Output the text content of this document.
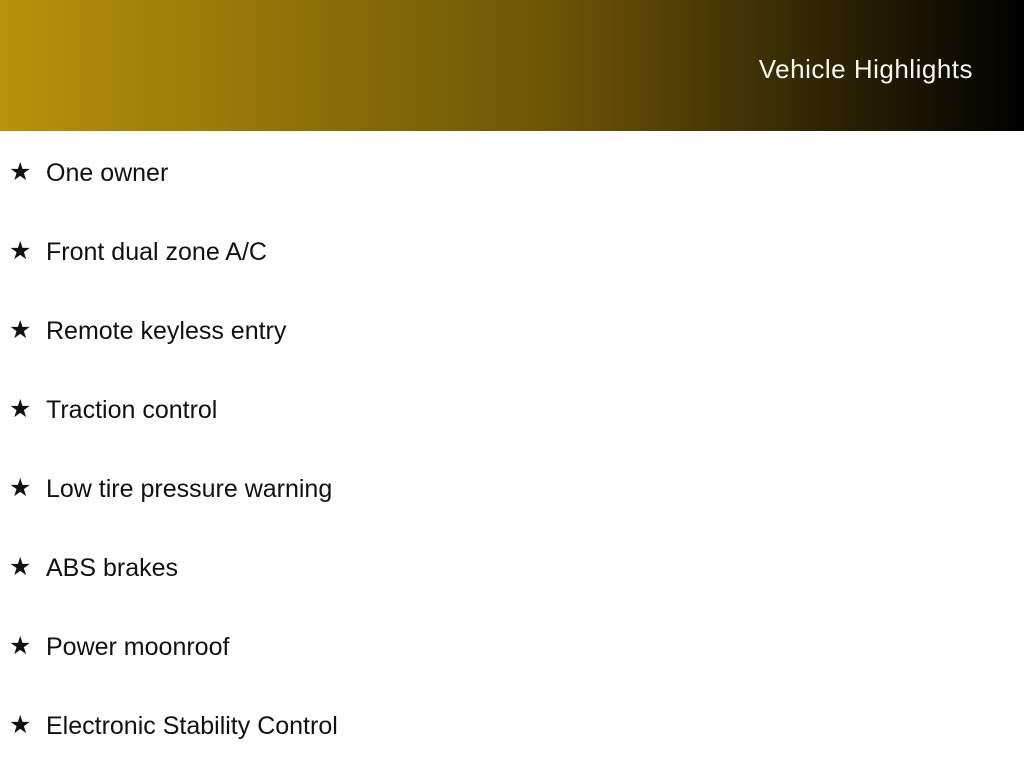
Vehicle Highlights
★ One owner
★ Front dual zone A/C
★ Remote keyless entry
★ Traction control
★ Low tire pressure warning
★ ABS brakes
★ Power moonroof
★ Electronic Stability Control
